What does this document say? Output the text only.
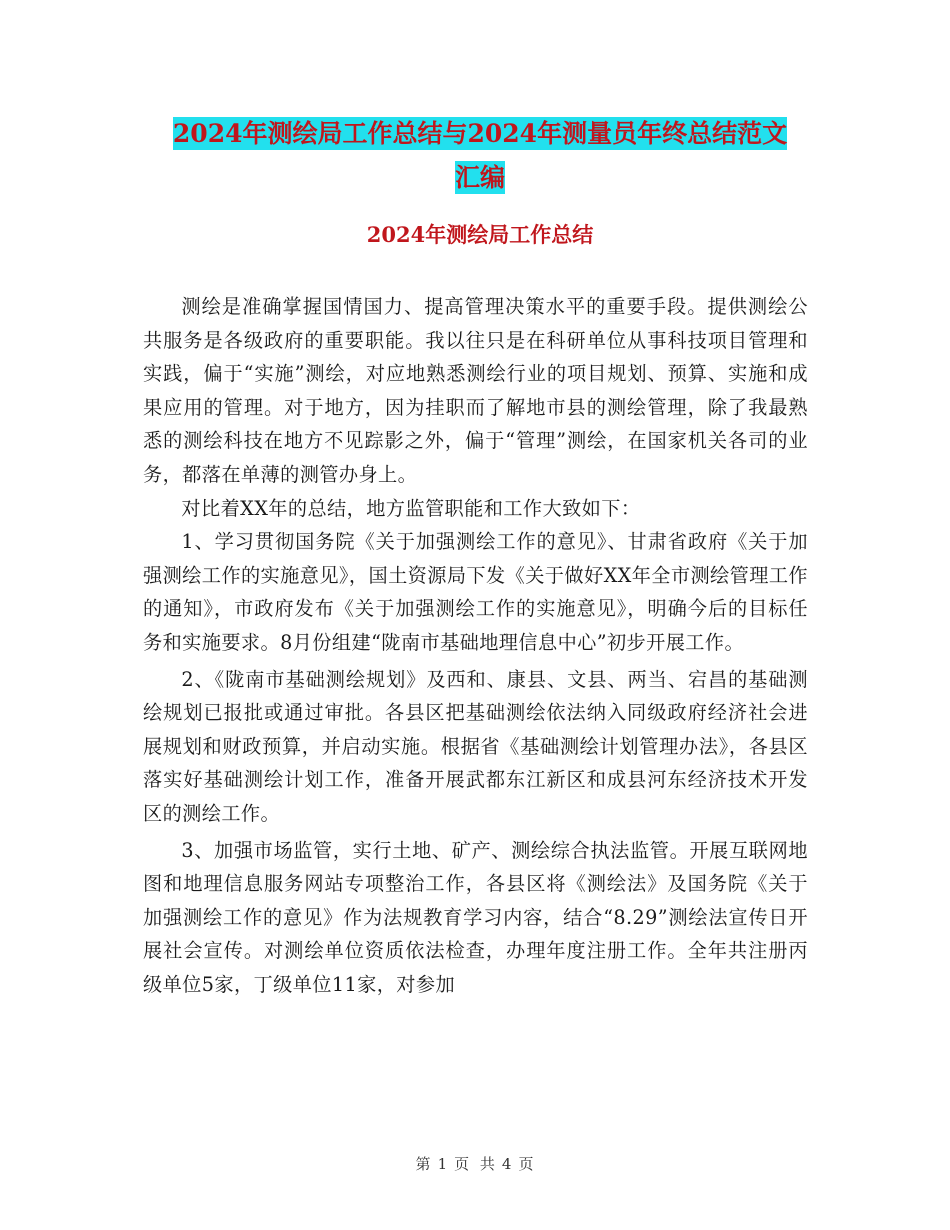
2024年测绘局工作总结与2024年测量员年终总结范文
汇编
2024年测绘局工作总结

测绘是准确掌握国情国力、提高管理决策水平的重要手段。提供测绘公共服务是各级政府的重要职能。我以往只是在科研单位从事科技项目管理和实践，偏于“实施”测绘，对应地熟悉测绘行业的项目规划、预算、实施和成果应用的管理。对于地方，因为挂职而了解地市县的测绘管理，除了我最熟悉的测绘科技在地方不见踪影之外，偏于“管理”测绘，在国家机关各司的业务，都落在单薄的测管办身上。

对比着XX年的总结，地方监管职能和工作大致如下：

1、学习贯彻国务院《关于加强测绘工作的意见》、甘肃省政府《关于加强测绘工作的实施意见》，国土资源局下发《关于做好XX年全市测绘管理工作的通知》，市政府发布《关于加强测绘工作的实施意见》，明确今后的目标任务和实施要求。8月份组建“陇南市基础地理信息中心”初步开展工作。

2、《陇南市基础测绘规划》及西和、康县、文县、两当、宕昌的基础测绘规划已报批或通过审批。各县区把基础测绘依法纳入同级政府经济社会进展规划和财政预算，并启动实施。根据省《基础测绘计划管理办法》，各县区落实好基础测绘计划工作，准备开展武都东江新区和成县河东经济技术开发区的测绘工作。

3、加强市场监管，实行土地、矿产、测绘综合执法监管。开展互联网地图和地理信息服务网站专项整治工作，各县区将《测绘法》及国务院《关于加强测绘工作的意见》作为法规教育学习内容，结合“8.29”测绘法宣传日开展社会宣传。对测绘单位资质依法检查，办理年度注册工作。全年共注册丙级单位5家，丁级单位11家，对参加

第 1 页 共 4 页
